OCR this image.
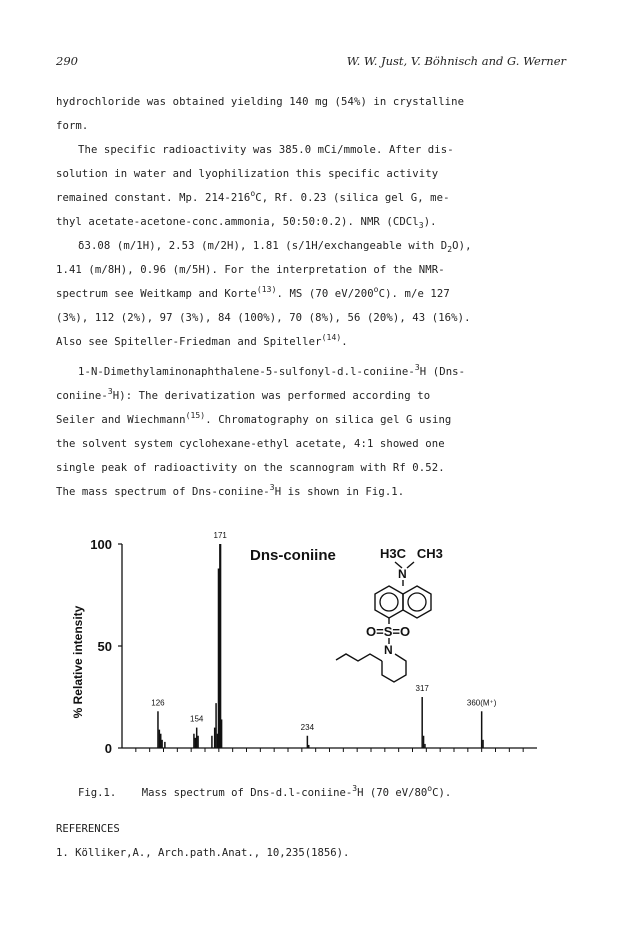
290	W. W. Just, V. Böhnisch and G. Werner
hydrochloride was obtained yielding 140 mg (54%) in crystalline
form.
The specific radioactivity was 385.0 mCi/mmole. After dis-
solution in water and lyophilization this specific activity
remained constant. Mp. 214-216$^o$C, Rf. 0.23 (silica gel G, me-
thyl acetate-acetone-conc.ammonia, 50:50:0.2). NMR (CDCl$_3$).
δ3.08 (m/1H), 2.53 (m/2H), 1.81 (s/1H/exchangeable with $D_2O$),
1.41 (m/8H), 0.96 (m/5H). For the interpretation of the NMR-
spectrum see Weitkamp and Korte$^{(13)}$. MS (70 eV/200$^o$C). m/e 127
(3%), 112 (2%), 97 (3%), 84 (100%), 70 (8%), 56 (20%), 43 (16%).
Also see Spiteller-Friedman and Spiteller$^{(14)}$.
1-N-Dimethylaminonaphthalene-5-sulfonyl-d.l-coniine-$^3$H (Dns-
coniine-$^3$H): The derivatization was performed according to
Seiler and Wiechmann$^{(15)}$. Chromatography on silica gel G using
the solvent system cyclohexane-ethyl acetate, 4:1 showed one
single peak of radioactivity on the scannogram with Rf 0.52.
The mass spectrum of Dns-coniine-$^3$H is shown in Fig.1.
0
50
100
126
154
171
234
317
360(M⁺)
% Relative intensity
Dns-coniine	H3C   CH3
N
O=S=O
N
Fig.1.    Mass spectrum of Dns-d.l-coniine-$^3$H (70 eV/80$^o$C).
REFERENCES
1. Kölliker,A., Arch.path.Anat., 10,235(1856).
